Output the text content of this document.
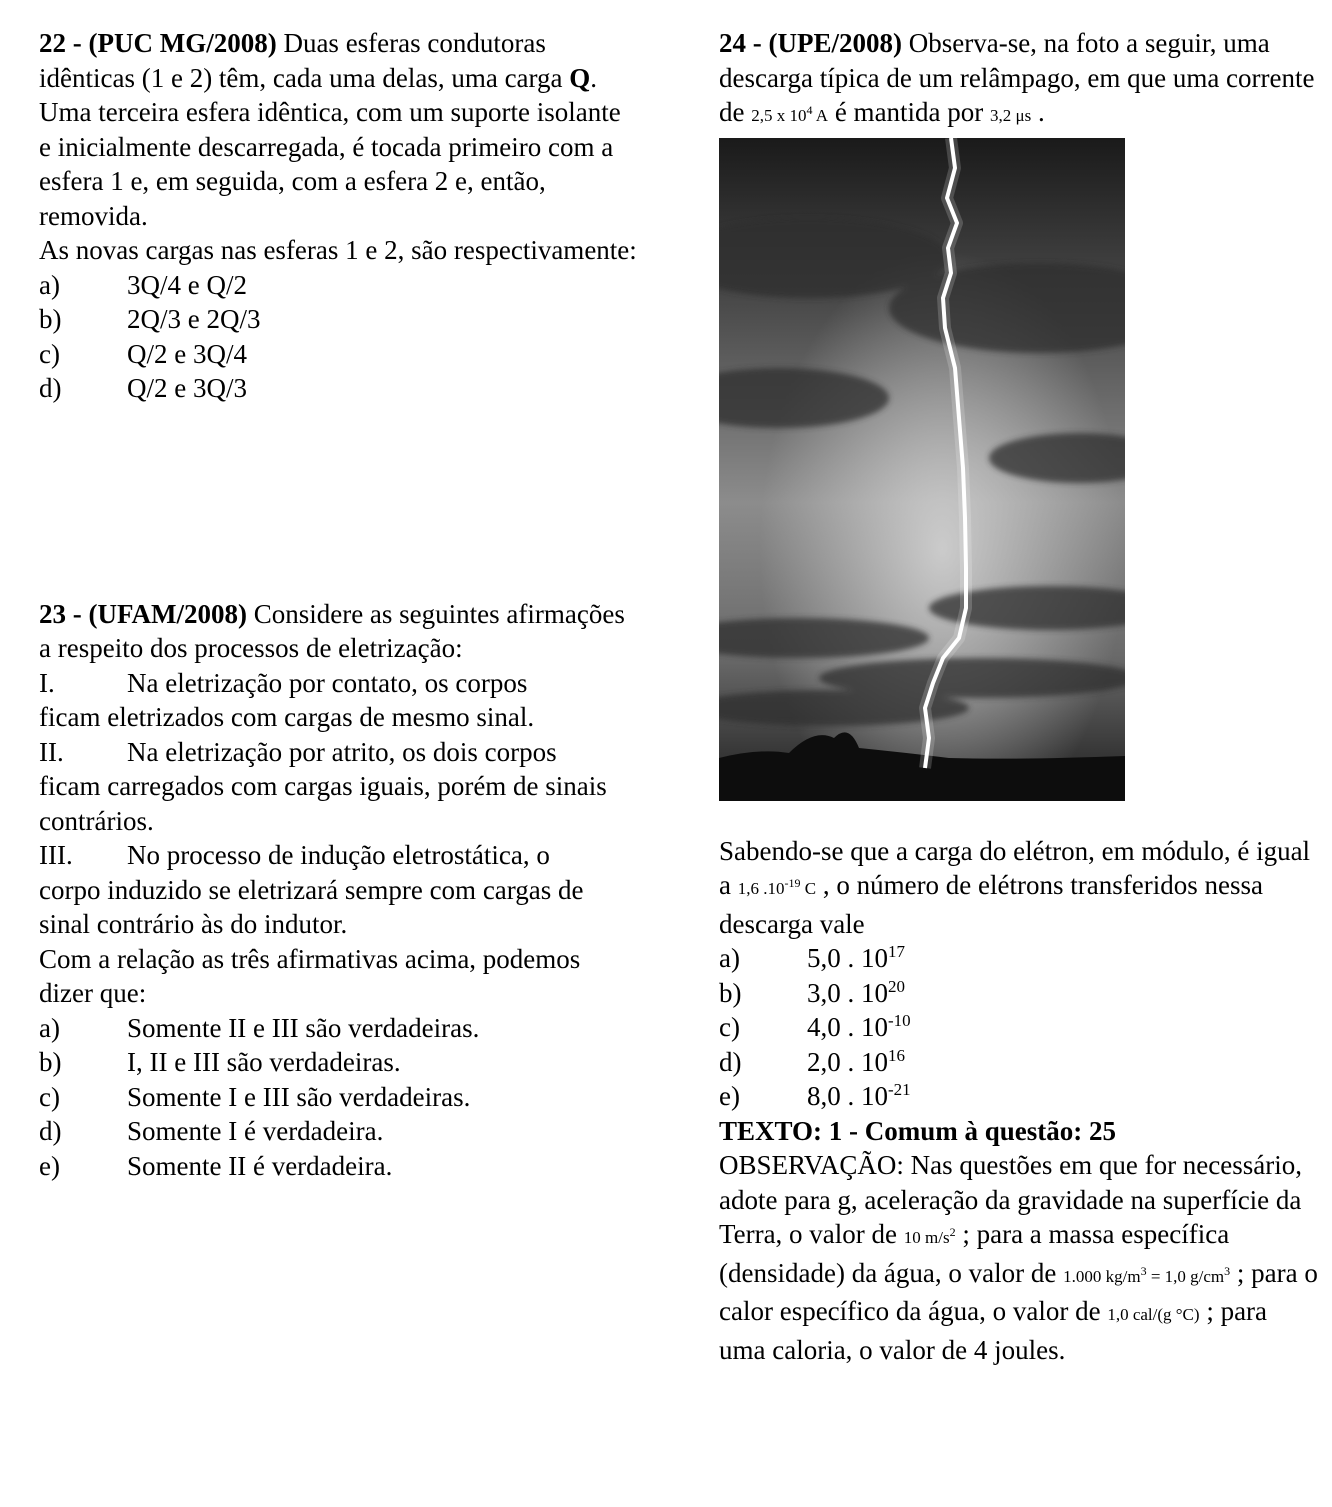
22 - (PUC MG/2008) Duas esferas condutoras idênticas (1 e 2) têm, cada uma delas, uma carga Q. Uma terceira esfera idêntica, com um suporte isolante e inicialmente descarregada, é tocada primeiro com a esfera 1 e, em seguida, com a esfera 2 e, então, removida.

As novas cargas nas esferas 1 e 2, são respectivamente:

a)	3Q/4 e Q/2
b)	2Q/3 e 2Q/3
c)	Q/2 e 3Q/4
d)	Q/2 e 3Q/3

23 - (UFAM/2008) Considere as seguintes afirmações a respeito dos processos de eletrização:

I.	Na eletrização por contato, os corpos

ficam eletrizados com cargas de mesmo sinal.

II.	Na eletrização por atrito, os dois corpos

ficam carregados com cargas iguais, porém de sinais contrários.

III.	No processo de indução eletrostática, o

corpo induzido se eletrizará sempre com cargas de sinal contrário às do indutor.

Com a relação as três afirmativas acima, podemos dizer que:

a)	Somente II e III são verdadeiras.
b)	I, II e III são verdadeiras.
c)	Somente I e III são verdadeiras.
d)	Somente I é verdadeira.
e)	Somente II é verdadeira.

24 - (UPE/2008) Observa-se, na foto a seguir, uma descarga típica de um relâmpago, em que uma corrente de 2,5 x $10^4$ A é mantida por 3,2 μs .

Sabendo-se que a carga do elétron, em módulo, é igual a 1,6 $.10^{-19}$ C , o número de elétrons transferidos nessa descarga vale

a)	5,0 . $10^{17}$
b)	3,0 . $10^{20}$
c)	4,0 . $10^{-10}$
d)	2,0 . $10^{16}$
e)	8,0 . $10^{-21}$

TEXTO: 1 - Comum à questão: 25

OBSERVAÇÃO: Nas questões em que for necessário, adote para g, aceleração da gravidade na superfície da Terra, o valor de 10 $m/s^2$ ; para a massa específica (densidade) da água, o valor de 1.000 $kg/m^3 = 1,0$ $g/cm^3$ ; para o calor específico da água, o valor de 1,0 cal/(g °C) ; para uma caloria, o valor de 4 joules.
